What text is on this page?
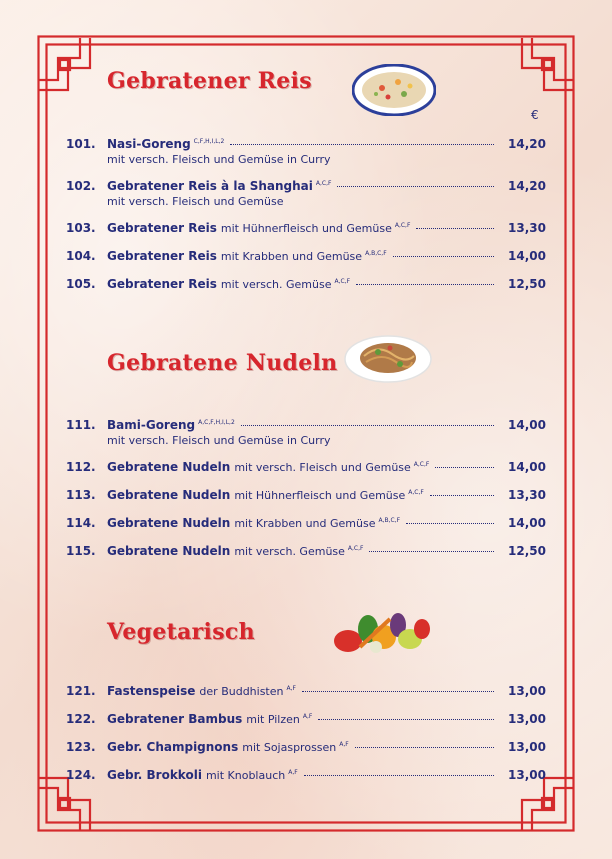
€
Gebratener Reis
101. Nasi-Goreng C,F,H,I,L,2	14,20
mit versch. Fleisch und Gemüse in Curry
102. Gebratener Reis à la Shanghai A,C,F	14,20
mit versch. Fleisch und Gemüse
103. Gebratener Reis mit Hühnerfleisch und Gemüse A,C,F	13,30
104. Gebratener Reis mit Krabben und Gemüse A,B,C,F	14,00
105. Gebratener Reis mit versch. Gemüse A,C,F	12,50
Gebratene Nudeln
111. Bami-Goreng A,C,F,H,I,L,2	14,00
mit versch. Fleisch und Gemüse in Curry
112. Gebratene Nudeln mit versch. Fleisch und Gemüse A,C,F	14,00
113. Gebratene Nudeln mit Hühnerfleisch und Gemüse A,C,F	13,30
114. Gebratene Nudeln mit Krabben und Gemüse A,B,C,F	14,00
115. Gebratene Nudeln mit versch. Gemüse A,C,F	12,50
Vegetarisch
121. Fastenspeise der Buddhisten A,F	13,00
122. Gebratener Bambus mit Pilzen A,F	13,00
123. Gebr. Champignons mit Sojasprossen A,F	13,00
124. Gebr. Brokkoli mit Knoblauch A,F	13,00
